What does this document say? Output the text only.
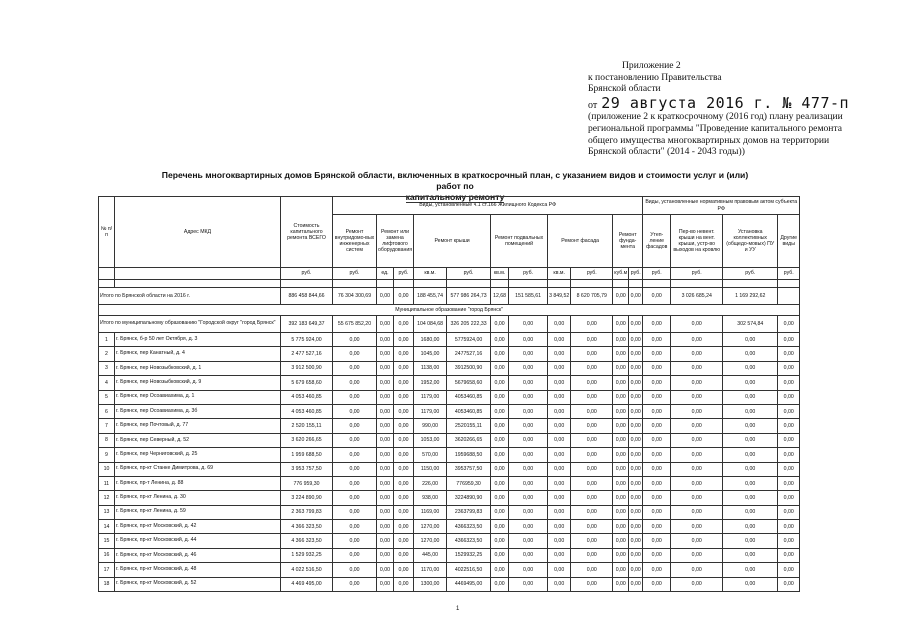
Приложение 2
к постановлению Правительства
Брянской области
от 29 августа 2016 г. № 477-п
(приложение 2 к краткосрочному (2016 год) плану реализации
региональной программы "Проведение капитального ремонта
общего имущества многоквартирных домов на территории
Брянской области" (2014 - 2043 годы))
Перечень многоквартирных домов Брянской области, включенных в краткосрочный план, с указанием видов и стоимости услуг и (или) работ по
капитальному ремонту
№ п/п	Адрес МКД	Стоимость капитального ремонта ВСЕГО	Виды, установленные ч.1 ст.166 Жилищного Кодекса РФ											Виды, установленные нормативным правовым актом субъекта РФ			
			Ремонт внутридомо-вых инженерных систем	Ремонт или замена лифтового оборудования		Ремонт крыши		Ремонт подвальных помещений		Ремонт фасада		Ремонт фунда-мента		Утеп-ление фасадов	Пер-во невент. крыши на вент. крыши, устр-во выходов на кровлю	Установка коллективных (общедо-мовых) ПУ и УУ	Другие виды
		руб.	руб.	ед.	руб.	кв.м.	руб.	кв.м.	руб.	кв.м.	руб.	куб.м	руб.	руб.	руб.	руб.	руб.

Итого по Брянской области на 2016 г.		886 458 844,66	76 304 300,69	0,00	0,00	188 455,74	577 986 264,73	12,68	151 585,61	3 849,52	8 620 705,79	0,00	0,00	0,00	3 026 685,24	1 169 292,62	
Муниципальное образование "город Брянск"																	
Итого по муниципальному образованию "Городской округ "город Брянск"		392 183 649,37	55 675 852,20	0,00	0,00	104 084,68	326 205 222,33	0,00	0,00	0,00	0,00	0,00	0,00	0,00	0,00	302 574,84	0,00
1	г. Брянск, б-р 50 лет Октября, д. 3	5 775 924,00	0,00	0,00	0,00	1680,00	5775924,00	0,00	0,00	0,00	0,00	0,00	0,00	0,00	0,00	0,00	0,00
2	г. Брянск, пер Канатный, д. 4	2 477 527,16	0,00	0,00	0,00	1045,00	2477527,16	0,00	0,00	0,00	0,00	0,00	0,00	0,00	0,00	0,00	0,00
3	г. Брянск, пер Новозыбковский, д. 1	3 912 500,90	0,00	0,00	0,00	1138,00	3912500,90	0,00	0,00	0,00	0,00	0,00	0,00	0,00	0,00	0,00	0,00
4	г. Брянск, пер Новозыбковский, д. 9	5 679 658,60	0,00	0,00	0,00	1952,00	5679658,60	0,00	0,00	0,00	0,00	0,00	0,00	0,00	0,00	0,00	0,00
5	г. Брянск, пер Осоавиахима, д. 1	4 053 460,85	0,00	0,00	0,00	1179,00	4053460,85	0,00	0,00	0,00	0,00	0,00	0,00	0,00	0,00	0,00	0,00
6	г. Брянск, пер Осоавиахима, д. 3б	4 053 460,85	0,00	0,00	0,00	1179,00	4053460,85	0,00	0,00	0,00	0,00	0,00	0,00	0,00	0,00	0,00	0,00
7	г. Брянск, пер Почтовый, д. 77	2 520 155,11	0,00	0,00	0,00	990,00	2520155,11	0,00	0,00	0,00	0,00	0,00	0,00	0,00	0,00	0,00	0,00
8	г. Брянск, пер Северный, д. 52	3 620 266,65	0,00	0,00	0,00	1053,00	3620266,65	0,00	0,00	0,00	0,00	0,00	0,00	0,00	0,00	0,00	0,00
9	г. Брянск, пер Черниговский, д. 25	1 959 688,50	0,00	0,00	0,00	570,00	1959688,50	0,00	0,00	0,00	0,00	0,00	0,00	0,00	0,00	0,00	0,00
10	г. Брянск, пр-кт Станке Димитрова, д. 69	3 953 757,50	0,00	0,00	0,00	1150,00	3953757,50	0,00	0,00	0,00	0,00	0,00	0,00	0,00	0,00	0,00	0,00
11	г. Брянск, пр-т Ленина, д. 88	776 959,30	0,00	0,00	0,00	226,00	776959,30	0,00	0,00	0,00	0,00	0,00	0,00	0,00	0,00	0,00	0,00
12	г. Брянск, пр-кт Ленина, д. 30	3 224 890,90	0,00	0,00	0,00	938,00	3224890,90	0,00	0,00	0,00	0,00	0,00	0,00	0,00	0,00	0,00	0,00
13	г. Брянск, пр-кт Ленина, д. 59	2 363 799,83	0,00	0,00	0,00	1169,00	2363799,83	0,00	0,00	0,00	0,00	0,00	0,00	0,00	0,00	0,00	0,00
14	г. Брянск, пр-кт Московский, д. 42	4 366 323,50	0,00	0,00	0,00	1270,00	4366323,50	0,00	0,00	0,00	0,00	0,00	0,00	0,00	0,00	0,00	0,00
15	г. Брянск, пр-кт Московский, д. 44	4 366 323,50	0,00	0,00	0,00	1270,00	4366323,50	0,00	0,00	0,00	0,00	0,00	0,00	0,00	0,00	0,00	0,00
16	г. Брянск, пр-кт Московский, д. 46	1 529 932,25	0,00	0,00	0,00	445,00	1529932,25	0,00	0,00	0,00	0,00	0,00	0,00	0,00	0,00	0,00	0,00
17	г. Брянск, пр-кт Московский, д. 48	4 022 516,50	0,00	0,00	0,00	1170,00	4022516,50	0,00	0,00	0,00	0,00	0,00	0,00	0,00	0,00	0,00	0,00
18	г. Брянск, пр-кт Московский, д. 52	4 469 495,00	0,00	0,00	0,00	1300,00	4469495,00	0,00	0,00	0,00	0,00	0,00	0,00	0,00	0,00	0,00	0,00
1
